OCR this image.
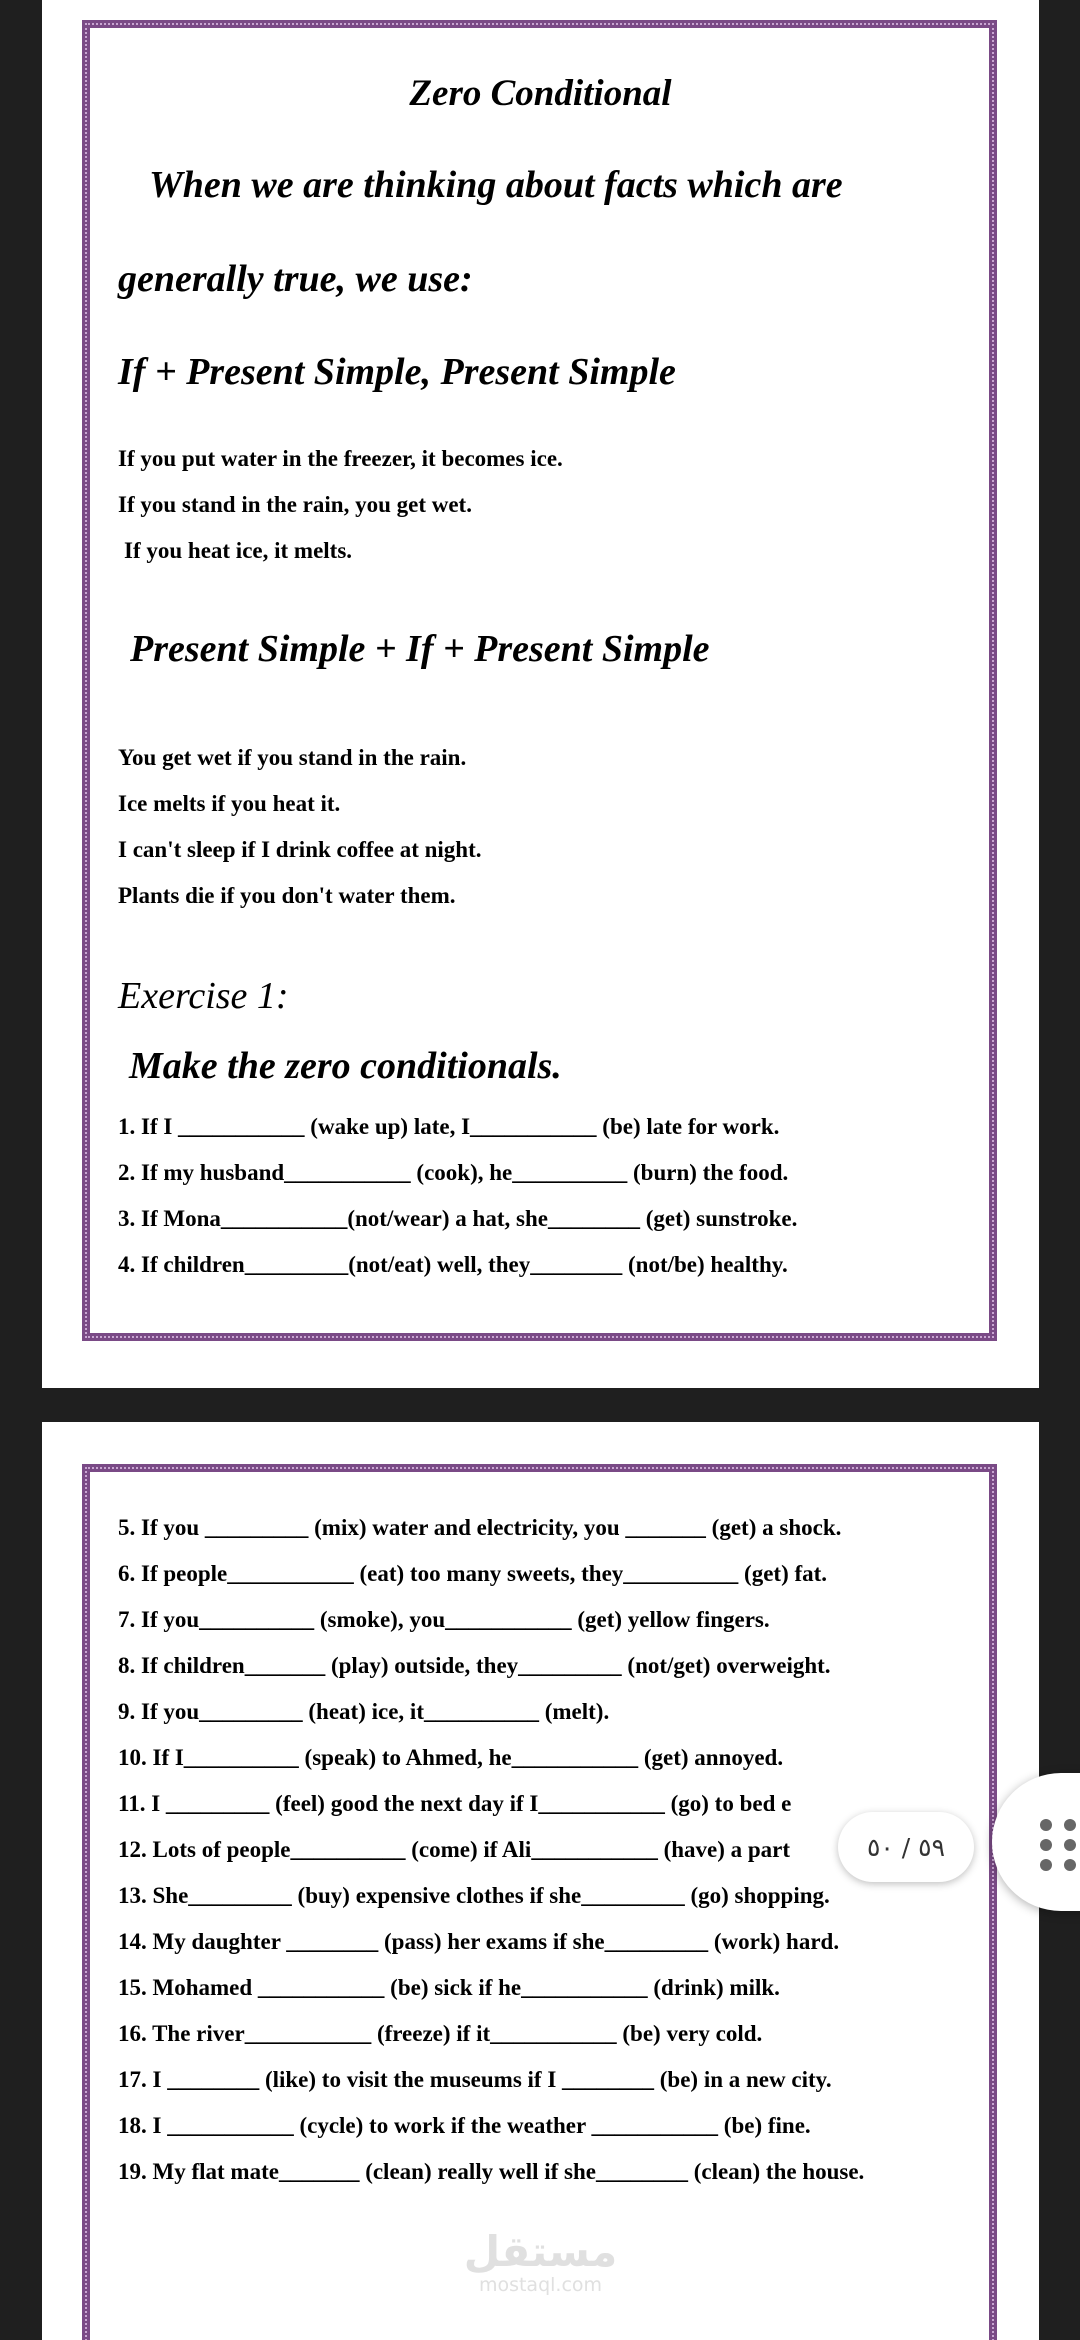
Zero Conditional
When we are thinking about facts which are
generally true, we use:
If + Present Simple, Present Simple
If you put water in the freezer, it becomes ice.
If you stand in the rain, you get wet.
If you heat ice, it melts.
Present Simple + If + Present Simple
You get wet if you stand in the rain.
Ice melts if you heat it.
I can't sleep if I drink coffee at night.
Plants die if you don't water them.
Exercise 1:
Make the zero conditionals.
1. If I ___________ (wake up) late, I___________ (be) late for work.
2. If my husband___________ (cook), he__________ (burn) the food.
3. If Mona___________(not/wear) a hat, she________ (get) sunstroke.
4. If children_________(not/eat) well, they________ (not/be) healthy.
5. If you _________ (mix) water and electricity, you _______ (get) a shock.
6. If people___________ (eat) too many sweets, they__________ (get) fat.
7. If you__________ (smoke), you___________ (get) yellow fingers.
8. If children_______ (play) outside, they_________ (not/get) overweight.
9. If you_________ (heat) ice, it__________ (melt).
10. If I__________ (speak) to Ahmed, he___________ (get) annoyed.
11. I _________ (feel) good the next day if I___________ (go) to bed e
12. Lots of people__________ (come) if Ali___________ (have) a part
13. She_________ (buy) expensive clothes if she_________ (go) shopping.
14. My daughter ________ (pass) her exams if she_________ (work) hard.
15. Mohamed ___________ (be) sick if he___________ (drink) milk.
16. The river___________ (freeze) if it___________ (be) very cold.
17. I ________ (like) to visit the museums if I ________ (be) in a new city.
18. I ___________ (cycle) to work if the weather ___________ (be) fine.
19. My flat mate_______ (clean) really well if she________ (clean) the house.
مستقل
mostaql.com
٥٩ / ٥٠
